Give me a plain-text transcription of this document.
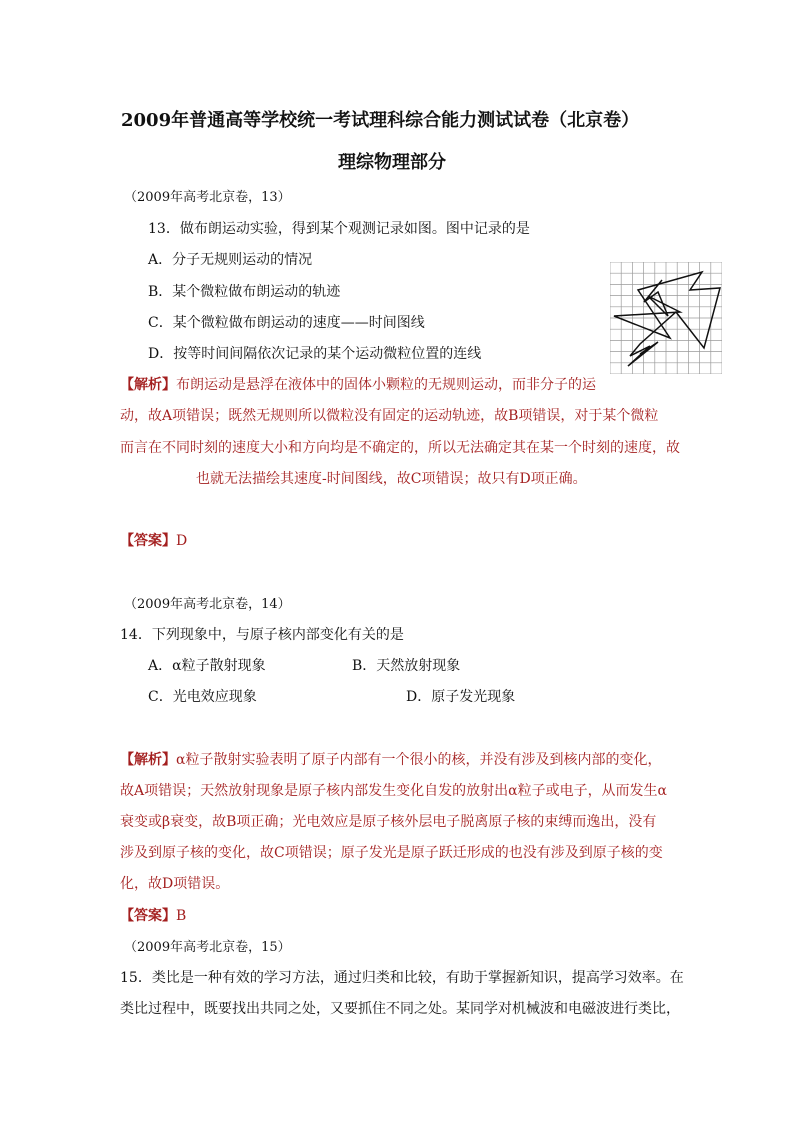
2009年普通高等学校统一考试理科综合能力测试试卷（北京卷）
理综物理部分
（2009年高考北京卷，13）
13．做布朗运动实验，得到某个观测记录如图。图中记录的是
A．分子无规则运动的情况
B．某个微粒做布朗运动的轨迹
C．某个微粒做布朗运动的速度——时间图线
D．按等时间间隔依次记录的某个运动微粒位置的连线
【解析】布朗运动是悬浮在液体中的固体小颗粒的无规则运动，而非分子的运
动，故A项错误；既然无规则所以微粒没有固定的运动轨迹，故B项错误，对于某个微粒
而言在不同时刻的速度大小和方向均是不确定的，所以无法确定其在某一个时刻的速度，故
也就无法描绘其速度-时间图线，故C项错误；故只有D项正确。
【答案】D
（2009年高考北京卷，14）
14．下列现象中，与原子核内部变化有关的是
A．α粒子散射现象	B．天然放射现象
C．光电效应现象	D．原子发光现象
【解析】α粒子散射实验表明了原子内部有一个很小的核，并没有涉及到核内部的变化，
故A项错误；天然放射现象是原子核内部发生变化自发的放射出α粒子或电子，从而发生α
衰变或β衰变，故B项正确；光电效应是原子核外层电子脱离原子核的束缚而逸出，没有
涉及到原子核的变化，故C项错误；原子发光是原子跃迁形成的也没有涉及到原子核的变
化，故D项错误。
【答案】B
（2009年高考北京卷，15）
15．类比是一种有效的学习方法，通过归类和比较，有助于掌握新知识，提高学习效率。在
类比过程中，既要找出共同之处，又要抓住不同之处。某同学对机械波和电磁波进行类比，
